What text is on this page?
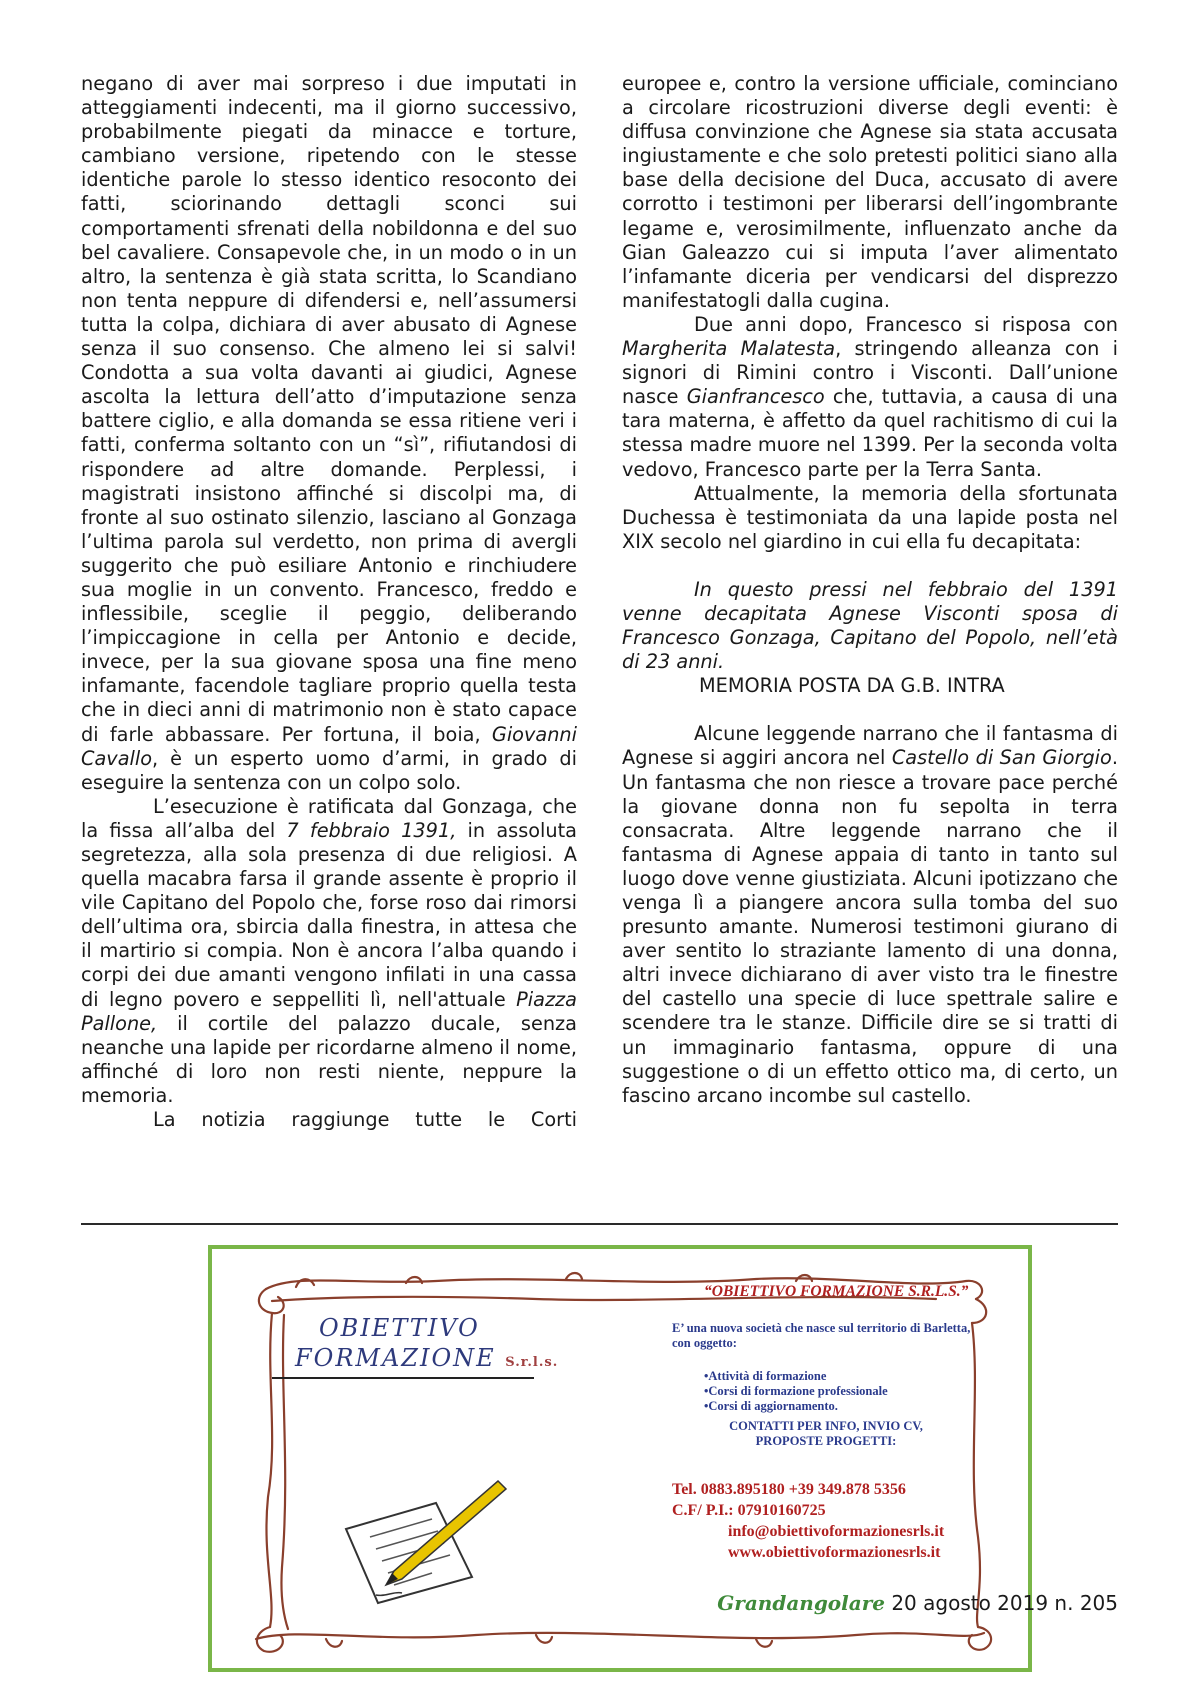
negano di aver mai sorpreso i due imputati in atteggiamenti indecenti, ma il giorno successivo, probabilmente piegati da minacce e torture, cambiano versione, ripetendo con le stesse identiche parole lo stesso identico resoconto dei fatti, sciorinando dettagli sconci sui comportamenti sfrenati della nobildonna e del suo bel cavaliere. Consapevole che, in un modo o in un altro, la sentenza è già stata scritta, lo Scandiano non tenta neppure di difendersi e, nell’assumersi tutta la colpa, dichiara di aver abusato di Agnese senza il suo consenso. Che almeno lei si salvi! Condotta a sua volta davanti ai giudici, Agnese ascolta la lettura dell’atto d’imputazione senza battere ciglio, e alla domanda se essa ritiene veri i fatti, conferma soltanto con un “sì”, rifiutandosi di rispondere ad altre domande. Perplessi, i magistrati insistono affinché si discolpi ma, di fronte al suo ostinato silenzio, lasciano al Gonzaga l’ultima parola sul verdetto, non prima di avergli suggerito che può esiliare Antonio e rinchiudere sua moglie in un convento. Francesco, freddo e inflessibile, sceglie il peggio, deliberando l’impiccagione in cella per Antonio e decide, invece, per la sua giovane sposa una fine meno infamante, facendole tagliare proprio quella testa che in dieci anni di matrimonio non è stato capace di farle abbassare. Per fortuna, il boia, Giovanni Cavallo, è un esperto uomo d’armi, in grado di eseguire la sentenza con un colpo solo.

L’esecuzione è ratificata dal Gonzaga, che la fissa all’alba del 7 febbraio 1391, in assoluta segretezza, alla sola presenza di due religiosi. A quella macabra farsa il grande assente è proprio il vile Capitano del Popolo che, forse roso dai rimorsi dell’ultima ora, sbircia dalla finestra, in attesa che il martirio si compia. Non è ancora l’alba quando i corpi dei due amanti vengono infilati in una cassa di legno povero e seppelliti lì, nell'attuale Piazza Pallone, il cortile del palazzo ducale, senza neanche una lapide per ricordarne almeno il nome, affinché di loro non resti niente, neppure la memoria.

La notizia raggiunge tutte le Corti

europee e, contro la versione ufficiale, cominciano a circolare ricostruzioni diverse degli eventi: è diffusa convinzione che Agnese sia stata accusata ingiustamente e che solo pretesti politici siano alla base della decisione del Duca, accusato di avere corrotto i testimoni per liberarsi dell’ingombrante legame e, verosimilmente, influenzato anche da Gian Galeazzo cui si imputa l’aver alimentato l’infamante diceria per vendicarsi del disprezzo manifestatogli dalla cugina.

Due anni dopo, Francesco si risposa con Margherita Malatesta, stringendo alleanza con i signori di Rimini contro i Visconti. Dall’unione nasce Gianfrancesco che, tuttavia, a causa di una tara materna, è affetto da quel rachitismo di cui la stessa madre muore nel 1399. Per la seconda volta vedovo, Francesco parte per la Terra Santa.

Attualmente, la memoria della sfortunata Duchessa è testimoniata da una lapide posta nel XIX secolo nel giardino in cui ella fu decapitata:

In questo pressi nel febbraio del 1391 venne decapitata Agnese Visconti sposa di Francesco Gonzaga, Capitano del Popolo, nell’età di 23 anni.

MEMORIA POSTA DA G.B. INTRA

Alcune leggende narrano che il fantasma di Agnese si aggiri ancora nel Castello di San Giorgio. Un fantasma che non riesce a trovare pace perché la giovane donna non fu sepolta in terra consacrata. Altre leggende narrano che il fantasma di Agnese appaia di tanto in tanto sul luogo dove venne giustiziata. Alcuni ipotizzano che venga lì a piangere ancora sulla tomba del suo presunto amante. Numerosi testimoni giurano di aver sentito lo straziante lamento di una donna, altri invece dichiarano di aver visto tra le finestre del castello una specie di luce spettrale salire e scendere tra le stanze. Difficile dire se si tratti di un immaginario fantasma, oppure di una suggestione o di un effetto ottico ma, di certo, un fascino arcano incombe sul castello.

OBIETTIVO
FORMAZIONE S.r.l.s.
“OBIETTIVO FORMAZIONE S.R.L.S.”
E’ una nuova società che nasce sul territorio di Barletta, con oggetto:
• Attività di formazione
• Corsi di formazione professionale
• Corsi di aggiornamento.
CONTATTI PER INFO, INVIO CV, PROPOSTE PROGETTI:
Tel. 0883.895180 +39 349.878 5356
C.F/ P.I.: 07910160725
info@obiettivoformazionesrls.it
www.obiettivoformazionesrls.it
Grandangolare 20 agosto 2019 n. 205
